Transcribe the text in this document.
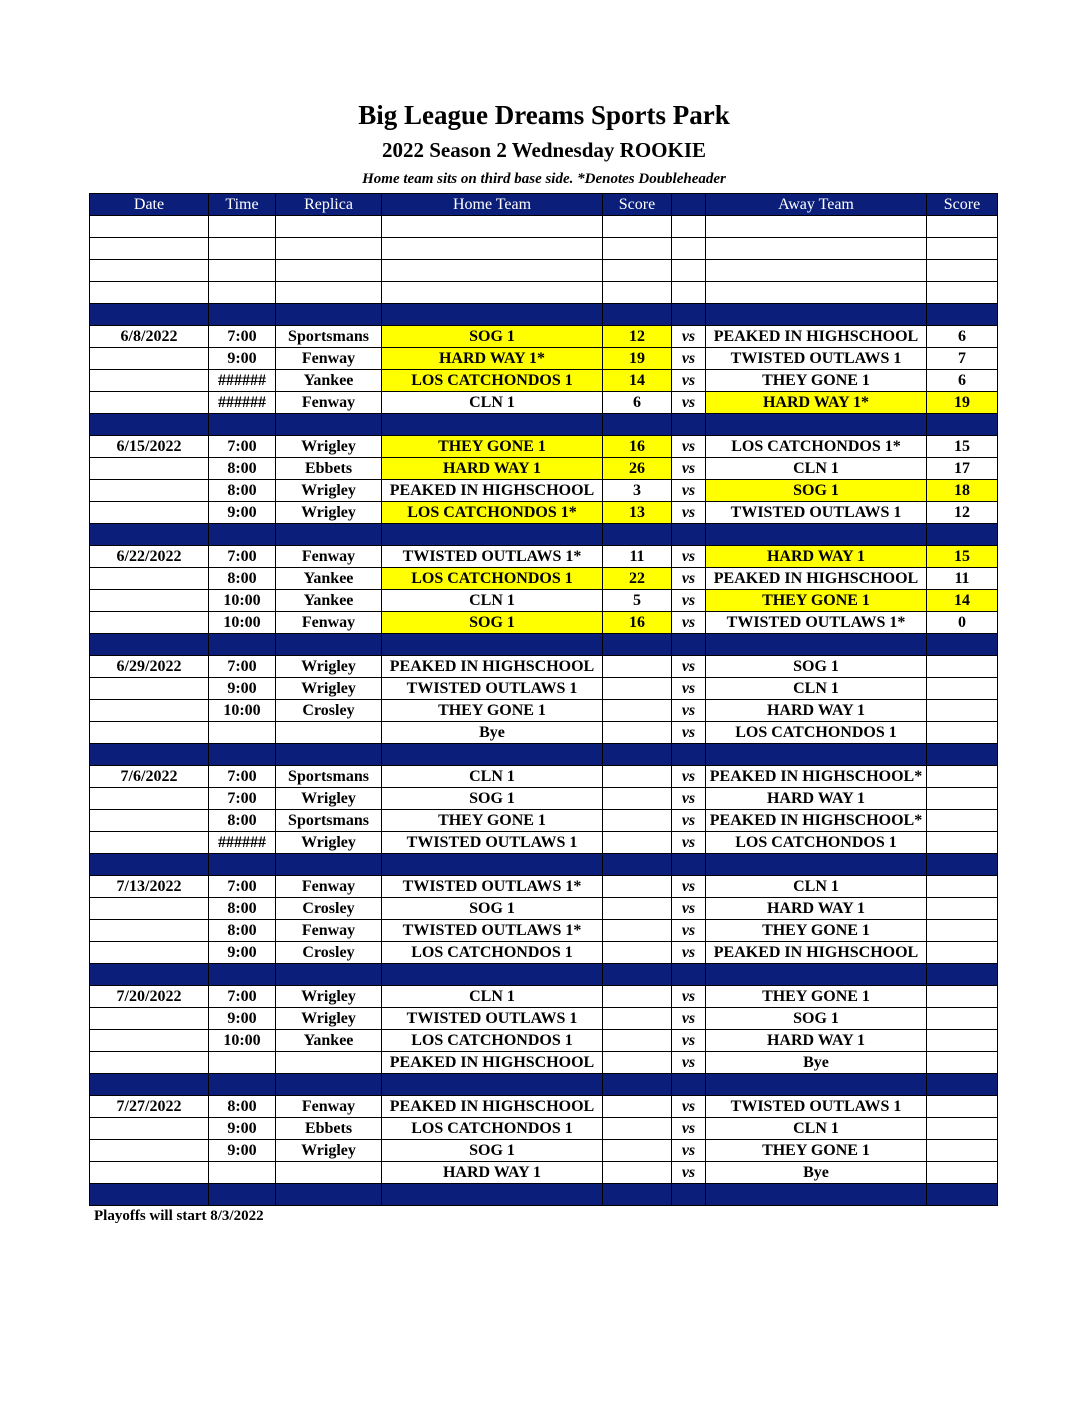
Big League Dreams Sports Park
2022 Season 2 Wednesday ROOKIE
Home team sits on third base side. *Denotes Doubleheader
Date	Time	Replica	Home Team	Score		Away Team	Score

6/8/2022	7:00	Sportsmans	SOG 1	12	vs	PEAKED IN HIGHSCHOOL	6
	9:00	Fenway	HARD WAY 1*	19	vs	TWISTED OUTLAWS 1	7
	######	Yankee	LOS CATCHONDOS 1	14	vs	THEY GONE 1	6
	######	Fenway	CLN 1	6	vs	HARD WAY 1*	19

6/15/2022	7:00	Wrigley	THEY GONE 1	16	vs	LOS CATCHONDOS 1*	15
	8:00	Ebbets	HARD WAY 1	26	vs	CLN 1	17
	8:00	Wrigley	PEAKED IN HIGHSCHOOL	3	vs	SOG 1	18
	9:00	Wrigley	LOS CATCHONDOS 1*	13	vs	TWISTED OUTLAWS 1	12

6/22/2022	7:00	Fenway	TWISTED OUTLAWS 1*	11	vs	HARD WAY 1	15
	8:00	Yankee	LOS CATCHONDOS 1	22	vs	PEAKED IN HIGHSCHOOL	11
	10:00	Yankee	CLN 1	5	vs	THEY GONE 1	14
	10:00	Fenway	SOG 1	16	vs	TWISTED OUTLAWS 1*	0

6/29/2022	7:00	Wrigley	PEAKED IN HIGHSCHOOL		vs	SOG 1	
	9:00	Wrigley	TWISTED OUTLAWS 1		vs	CLN 1	
	10:00	Crosley	THEY GONE 1		vs	HARD WAY 1	
			Bye		vs	LOS CATCHONDOS 1	

7/6/2022	7:00	Sportsmans	CLN 1		vs	PEAKED IN HIGHSCHOOL*	
	7:00	Wrigley	SOG 1		vs	HARD WAY 1	
	8:00	Sportsmans	THEY GONE 1		vs	PEAKED IN HIGHSCHOOL*	
	######	Wrigley	TWISTED OUTLAWS 1		vs	LOS CATCHONDOS 1	

7/13/2022	7:00	Fenway	TWISTED OUTLAWS 1*		vs	CLN 1	
	8:00	Crosley	SOG 1		vs	HARD WAY 1	
	8:00	Fenway	TWISTED OUTLAWS 1*		vs	THEY GONE 1	
	9:00	Crosley	LOS CATCHONDOS 1		vs	PEAKED IN HIGHSCHOOL	

7/20/2022	7:00	Wrigley	CLN 1		vs	THEY GONE 1	
	9:00	Wrigley	TWISTED OUTLAWS 1		vs	SOG 1	
	10:00	Yankee	LOS CATCHONDOS 1		vs	HARD WAY 1	
			PEAKED IN HIGHSCHOOL		vs	Bye	

7/27/2022	8:00	Fenway	PEAKED IN HIGHSCHOOL		vs	TWISTED OUTLAWS 1	
	9:00	Ebbets	LOS CATCHONDOS 1		vs	CLN 1	
	9:00	Wrigley	SOG 1		vs	THEY GONE 1	
			HARD WAY 1		vs	Bye	

Playoffs will start 8/3/2022
